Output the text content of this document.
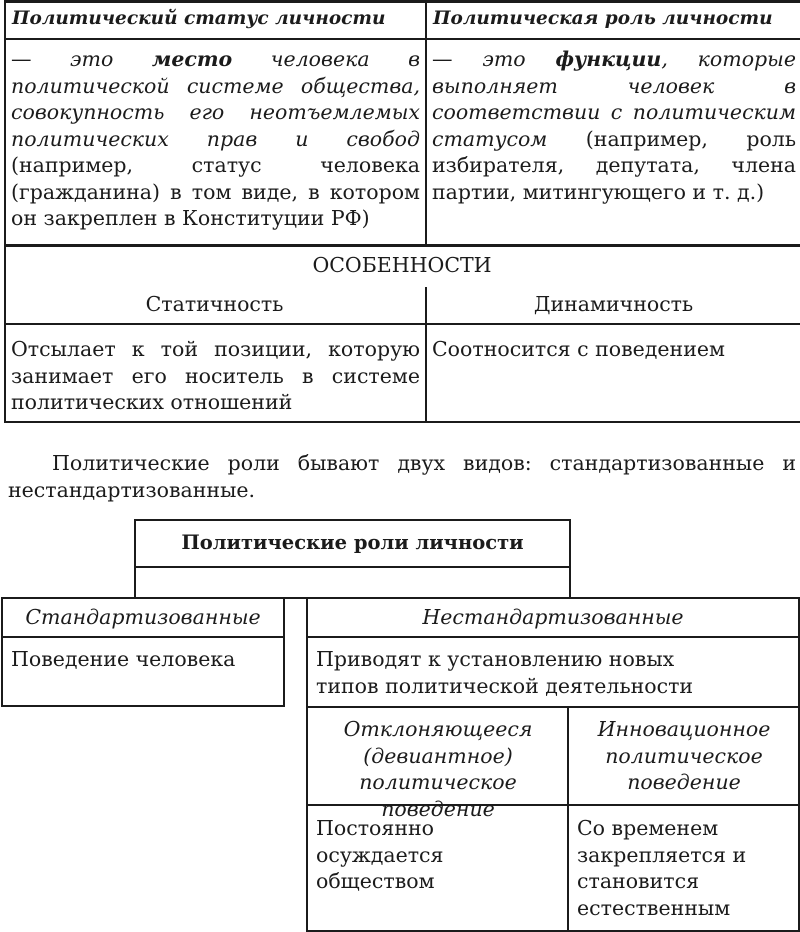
Политический статус личности	Политическая роль личности
— это место человека в политической системе общества, совокупность его неотъемлемых политических прав и свобод (например, статус человека (гражданина) в том виде, в котором он закреплен в Конституции РФ)
— это функции, которые выполняет человек в соответствии с политическим статусом (например, роль избирателя, депутата, члена партии, митингующего и т. д.)
ОСОБЕННОСТИ
Статичность	Динамичность
Отсылает к той позиции, которую занимает его носитель в системе политических отношений
Соотносится с поведением
Политические роли бывают двух видов: стандартизованные и нестандартизованные.
Политические роли личности
Стандартизованные
Поведение человека
Нестандартизованные
Приводят к установлению новых типов политической деятельности
Отклоняющееся (девиантное) политическое поведение
Инновационное политическое поведение
Постоянно осуждается обществом
Со временем закрепляется и становится естественным
